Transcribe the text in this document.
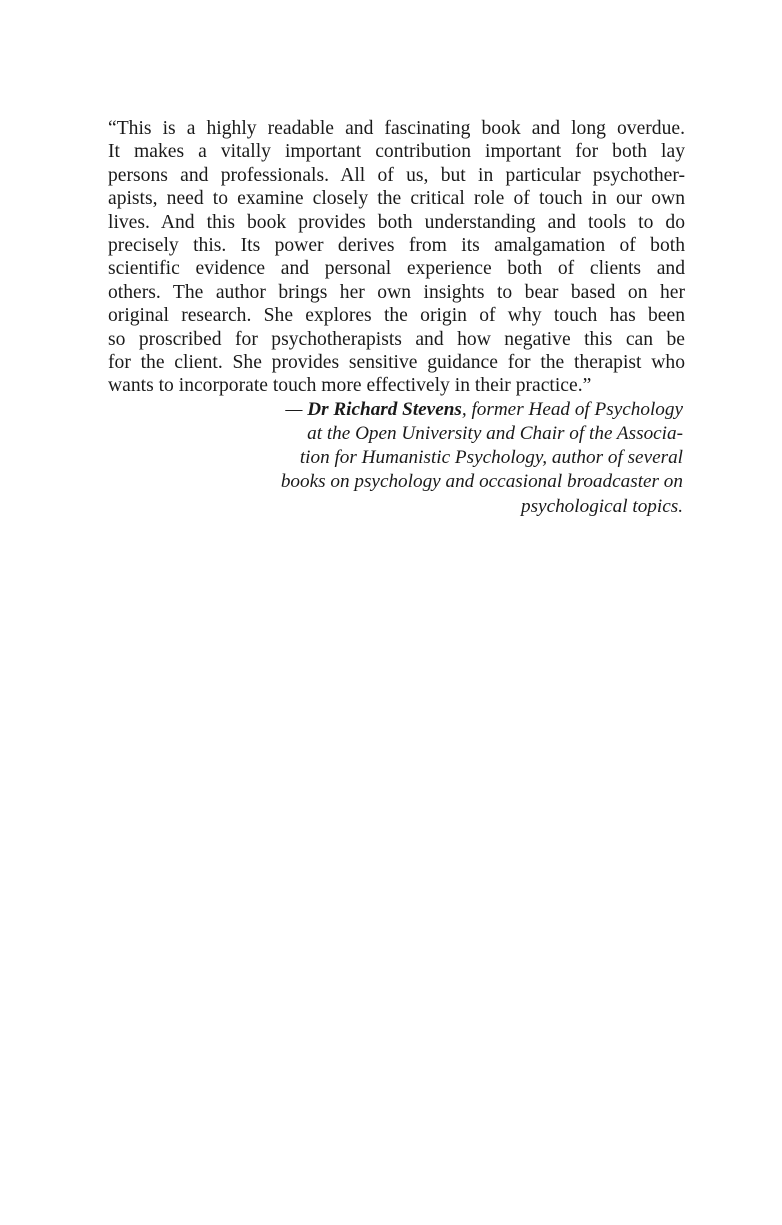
“This is a highly readable and fascinating book and long overdue.
It makes a vitally important contribution important for both lay
persons and professionals. All of us, but in particular psychother-
apists, need to examine closely the critical role of touch in our own
lives. And this book provides both understanding and tools to do
precisely this. Its power derives from its amalgamation of both
scientific evidence and personal experience both of clients and
others. The author brings her own insights to bear based on her
original research. She explores the origin of why touch has been
so proscribed for psychotherapists and how negative this can be
for the client. She provides sensitive guidance for the therapist who
wants to incorporate touch more effectively in their practice.”

— Dr Richard Stevens, former Head of Psychology
at the Open University and Chair of the Associa-
tion for Humanistic Psychology, author of several
books on psychology and occasional broadcaster on
psychological topics.
